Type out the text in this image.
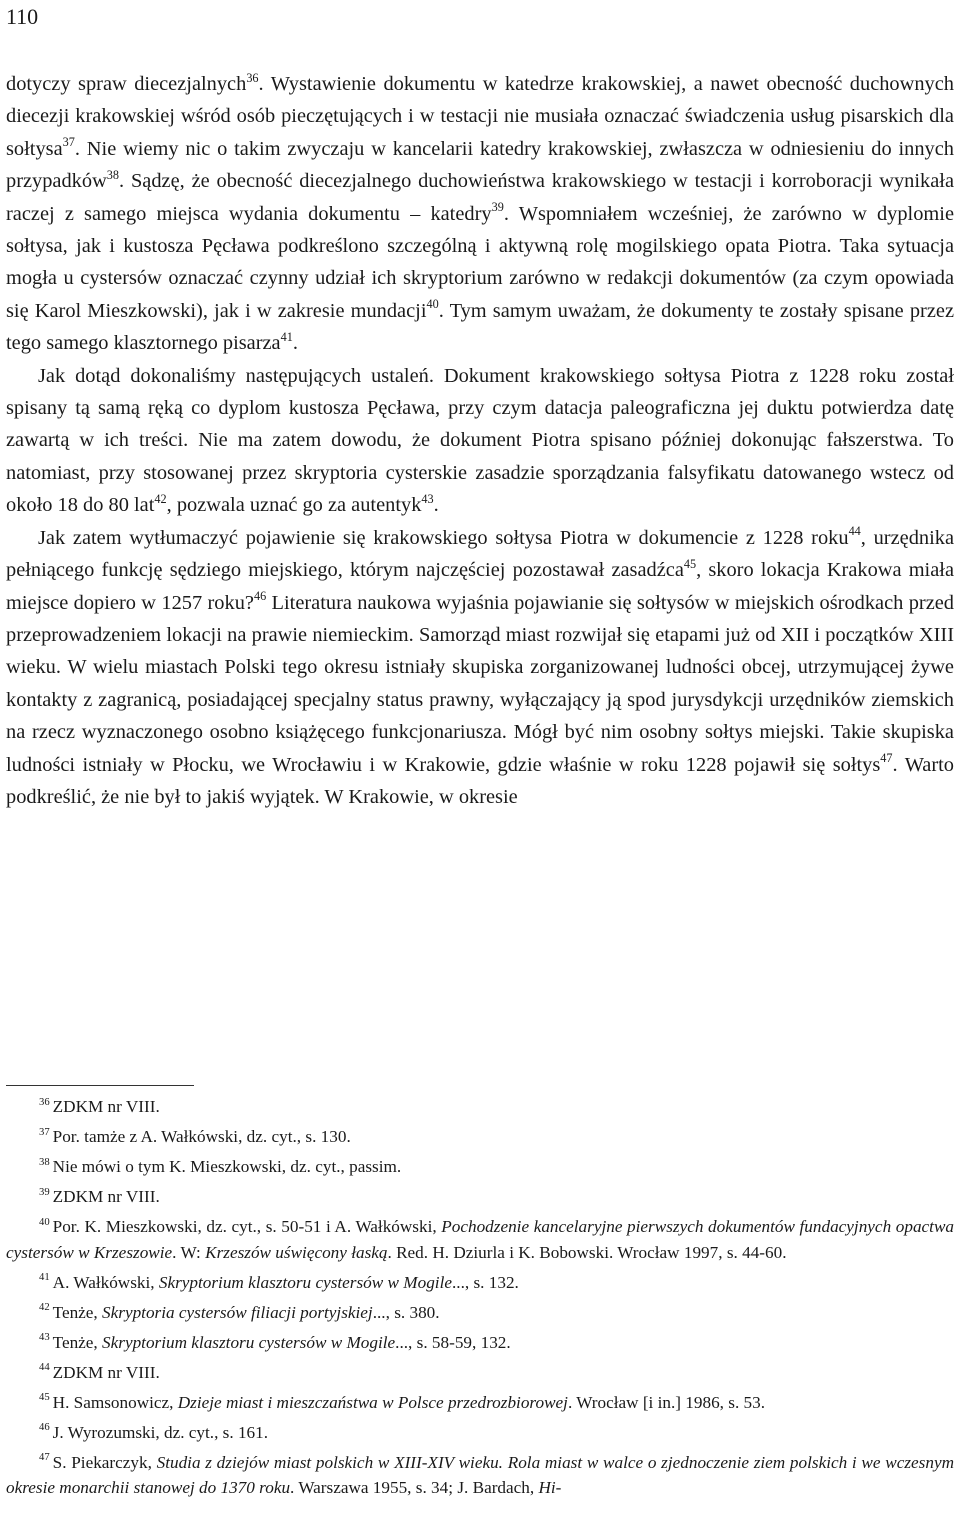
110

dotyczy spraw diecezjalnych$^{36}$. Wystawienie dokumentu w katedrze krakowskiej, a nawet obecność duchownych diecezji krakowskiej wśród osób pieczętujących i w testacji nie musiała oznaczać świadczenia usług pisarskich dla sołtysa$^{37}$. Nie wiemy nic o takim zwyczaju w kancelarii katedry krakowskiej, zwłaszcza w odniesieniu do innych przypadków$^{38}$. Sądzę, że obecność diecezjalnego duchowieństwa krakowskiego w testacji i korroboracji wynikała raczej z samego miejsca wydania dokumentu – katedry$^{39}$. Wspomniałem wcześniej, że zarówno w dyplomie sołtysa, jak i kustosza Pęcława podkreślono szczególną i aktywną rolę mogilskiego opata Piotra. Taka sytuacja mogła u cystersów oznaczać czynny udział ich skryptorium zarówno w redakcji dokumentów (za czym opowiada się Karol Mieszkowski), jak i w zakresie mundacji$^{40}$. Tym samym uważam, że dokumenty te zostały spisane przez tego samego klasztornego pisarza$^{41}$.

Jak dotąd dokonaliśmy następujących ustaleń. Dokument krakowskiego sołtysa Piotra z 1228 roku został spisany tą samą ręką co dyplom kustosza Pęcława, przy czym datacja paleograficzna jej duktu potwierdza datę zawartą w ich treści. Nie ma zatem dowodu, że dokument Piotra spisano później dokonując fałszerstwa. To natomiast, przy stosowanej przez skryptoria cysterskie zasadzie sporządzania falsyfikatu datowanego wstecz od około 18 do 80 lat$^{42}$, pozwala uznać go za autentyk$^{43}$.

Jak zatem wytłumaczyć pojawienie się krakowskiego sołtysa Piotra w dokumencie z 1228 roku$^{44}$, urzędnika pełniącego funkcję sędziego miejskiego, którym najczęściej pozostawał zasadźca$^{45}$, skoro lokacja Krakowa miała miejsce dopiero w 1257 roku?$^{46}$ Literatura naukowa wyjaśnia pojawianie się sołtysów w miejskich ośrodkach przed przeprowadzeniem lokacji na prawie niemieckim. Samorząd miast rozwijał się etapami już od XII i początków XIII wieku. W wielu miastach Polski tego okresu istniały skupiska zorganizowanej ludności obcej, utrzymującej żywe kontakty z zagranicą, posiadającej specjalny status prawny, wyłączający ją spod jurysdykcji urzędników ziemskich na rzecz wyznaczonego osobno książęcego funkcjonariusza. Mógł być nim osobny sołtys miejski. Takie skupiska ludności istniały w Płocku, we Wrocławiu i w Krakowie, gdzie właśnie w roku 1228 pojawił się sołtys$^{47}$. Warto podkreślić, że nie był to jakiś wyjątek. W Krakowie, w okresie

$^{36}$ ZDKM nr VIII.

$^{37}$ Por. tamże z A. Wałkówski, dz. cyt., s. 130.

$^{38}$ Nie mówi o tym K. Mieszkowski, dz. cyt., passim.

$^{39}$ ZDKM nr VIII.

$^{40}$ Por. K. Mieszkowski, dz. cyt., s. 50-51 i A. Wałkówski, Pochodzenie kancelaryjne pierwszych dokumentów fundacyjnych opactwa cystersów w Krzeszowie. W: Krzeszów uświęcony łaską. Red. H. Dziurla i K. Bobowski. Wrocław 1997, s. 44-60.

$^{41}$ A. Wałkówski, Skryptorium klasztoru cystersów w Mogile..., s. 132.

$^{42}$ Tenże, Skryptoria cystersów filiacji portyjskiej..., s. 380.

$^{43}$ Tenże, Skryptorium klasztoru cystersów w Mogile..., s. 58-59, 132.

$^{44}$ ZDKM nr VIII.

$^{45}$ H. Samsonowicz, Dzieje miast i mieszczaństwa w Polsce przedrozbiorowej. Wrocław [i in.] 1986, s. 53.

$^{46}$ J. Wyrozumski, dz. cyt., s. 161.

$^{47}$ S. Piekarczyk, Studia z dziejów miast polskich w XIII-XIV wieku. Rola miast w walce o zjednoczenie ziem polskich i we wczesnym okresie monarchii stanowej do 1370 roku. Warszawa 1955, s. 34; J. Bardach, Hi-
